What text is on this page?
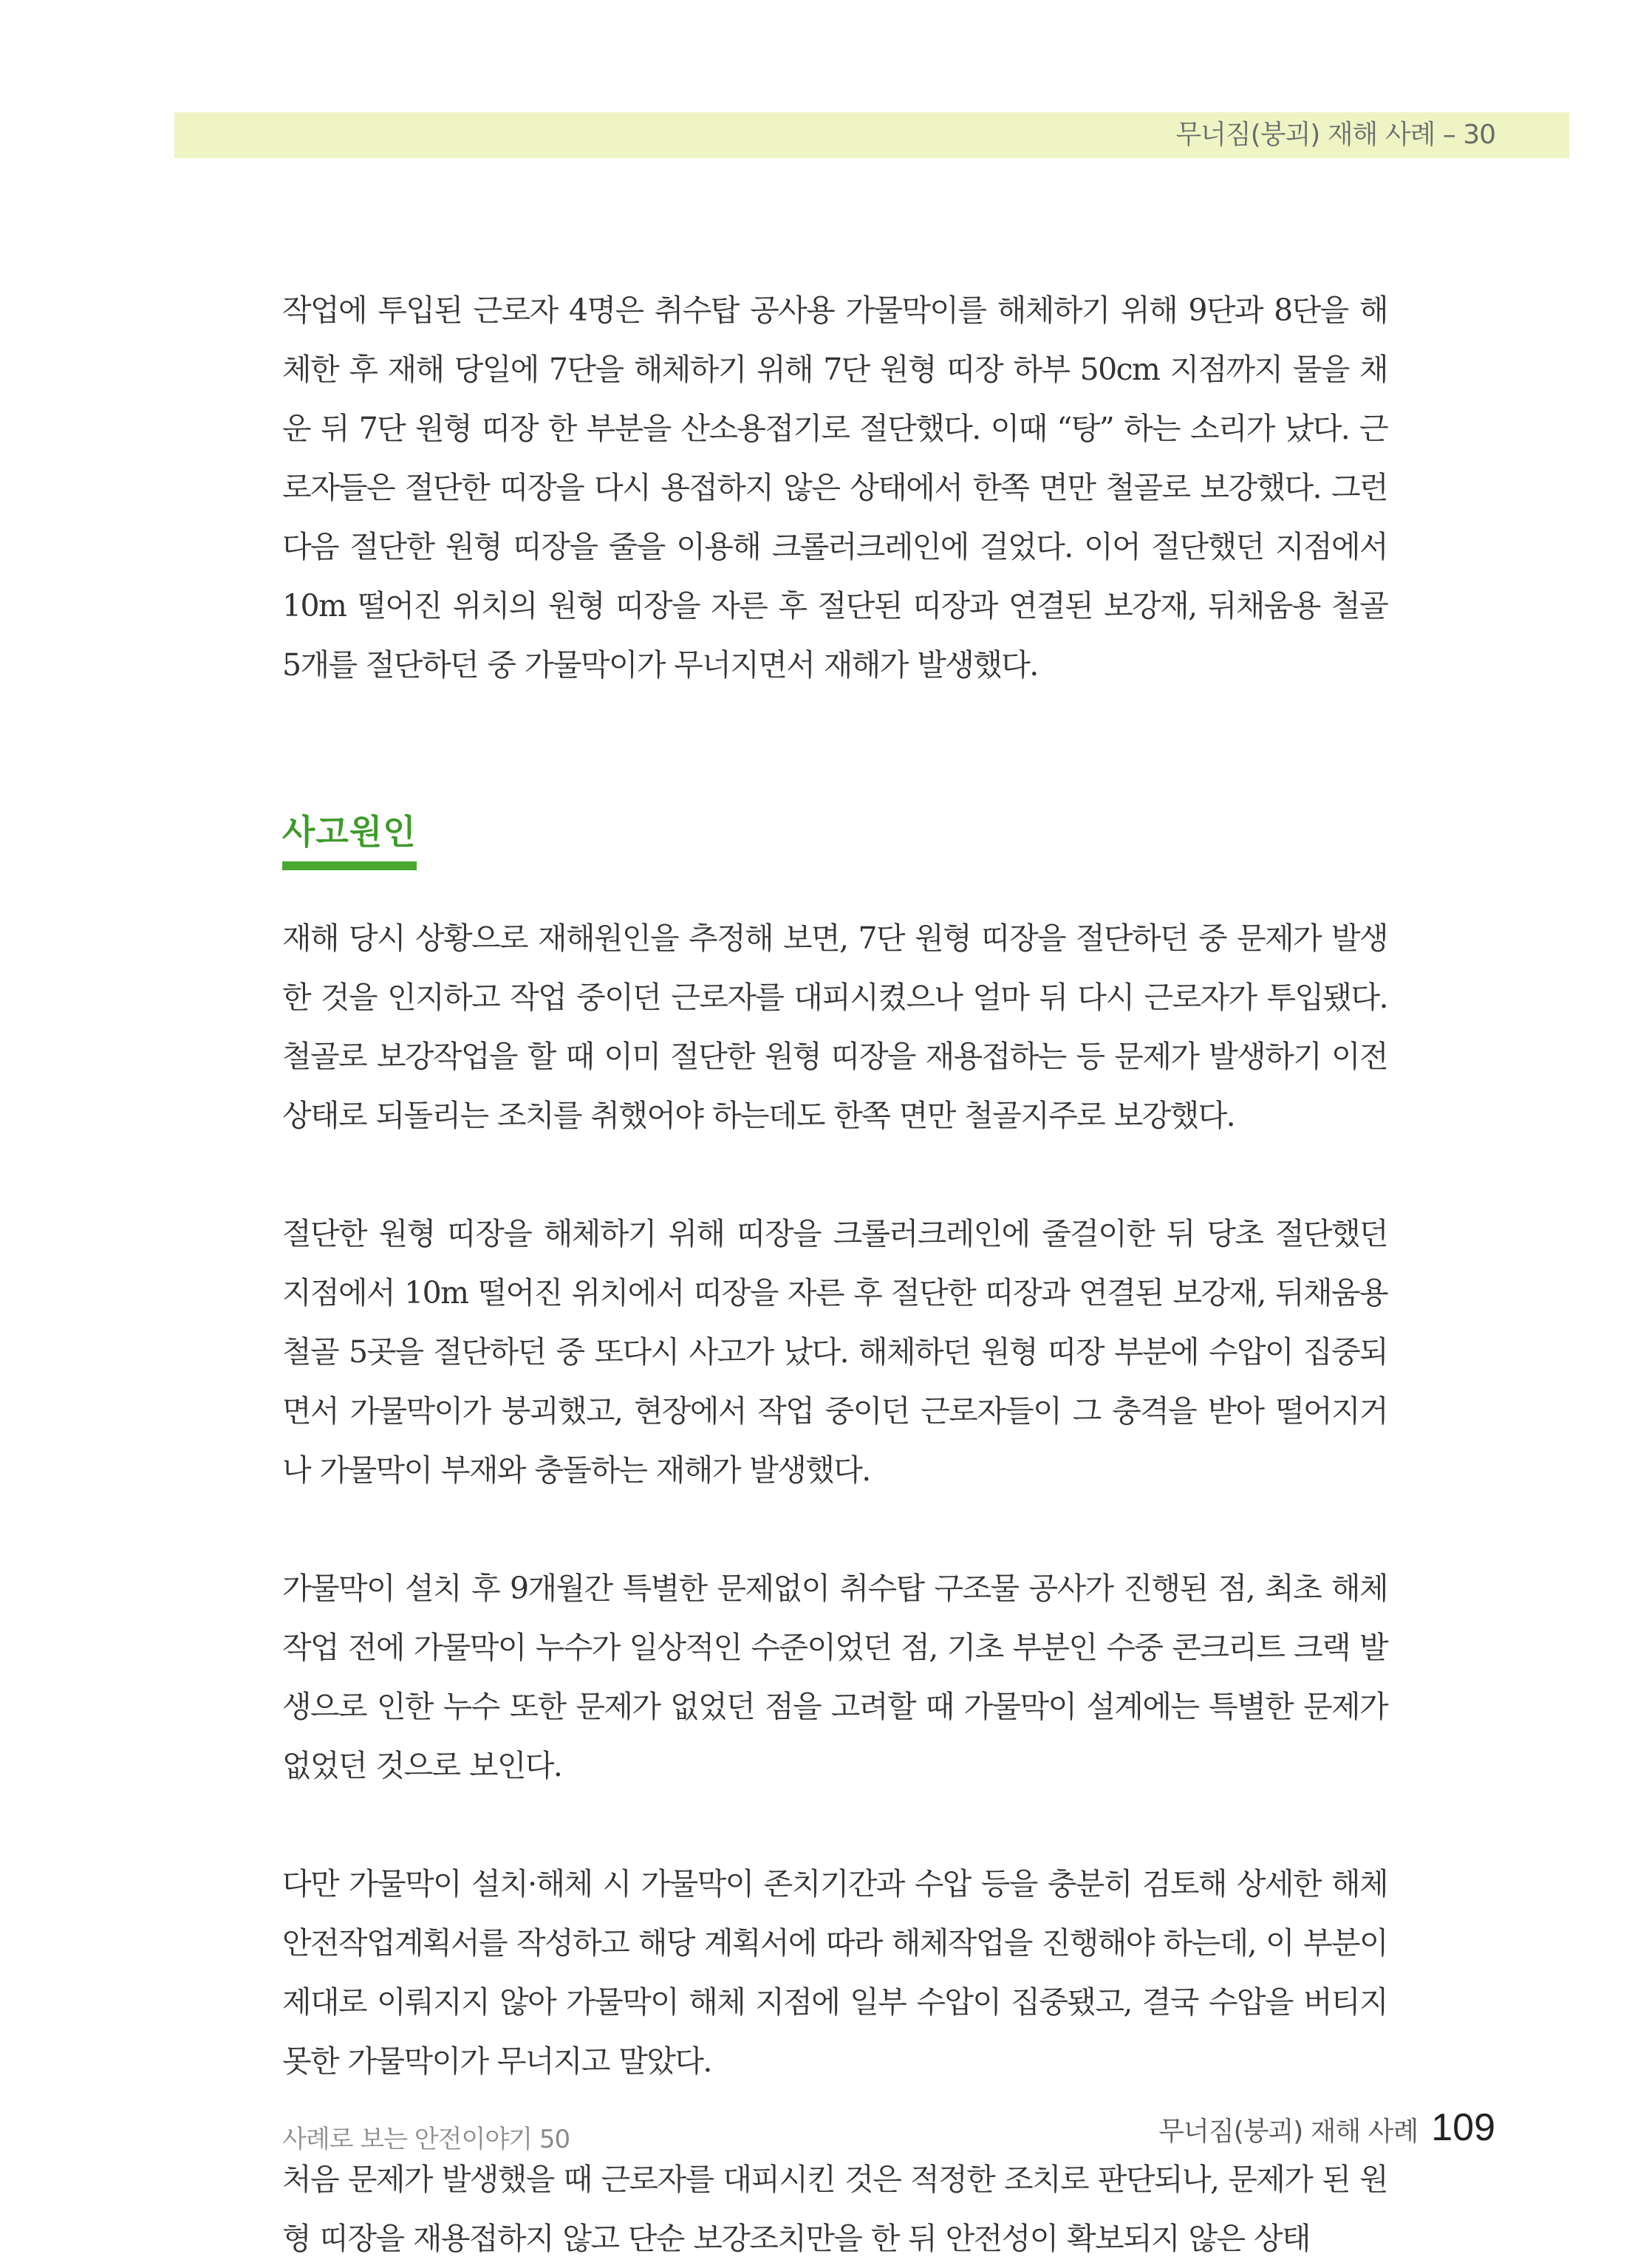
무너짐(붕괴) 재해 사례 – 30

작업에 투입된 근로자 4명은 취수탑 공사용 가물막이를 해체하기 위해 9단과 8단을 해체한 후 재해 당일에 7단을 해체하기 위해 7단 원형 띠장 하부 50cm 지점까지 물을 채운 뒤 7단 원형 띠장 한 부분을 산소용접기로 절단했다. 이때 “탕” 하는 소리가 났다. 근로자들은 절단한 띠장을 다시 용접하지 않은 상태에서 한쪽 면만 철골로 보강했다. 그런 다음 절단한 원형 띠장을 줄을 이용해 크롤러크레인에 걸었다. 이어 절단했던 지점에서 10m 떨어진 위치의 원형 띠장을 자른 후 절단된 띠장과 연결된 보강재, 뒤채움용 철골 5개를 절단하던 중 가물막이가 무너지면서 재해가 발생했다.

사고원인

재해 당시 상황으로 재해원인을 추정해 보면, 7단 원형 띠장을 절단하던 중 문제가 발생한 것을 인지하고 작업 중이던 근로자를 대피시켰으나 얼마 뒤 다시 근로자가 투입됐다. 철골로 보강작업을 할 때 이미 절단한 원형 띠장을 재용접하는 등 문제가 발생하기 이전 상태로 되돌리는 조치를 취했어야 하는데도 한쪽 면만 철골지주로 보강했다.

절단한 원형 띠장을 해체하기 위해 띠장을 크롤러크레인에 줄걸이한 뒤 당초 절단했던 지점에서 10m 떨어진 위치에서 띠장을 자른 후 절단한 띠장과 연결된 보강재, 뒤채움용 철골 5곳을 절단하던 중 또다시 사고가 났다. 해체하던 원형 띠장 부분에 수압이 집중되면서 가물막이가 붕괴했고, 현장에서 작업 중이던 근로자들이 그 충격을 받아 떨어지거나 가물막이 부재와 충돌하는 재해가 발생했다.

가물막이 설치 후 9개월간 특별한 문제없이 취수탑 구조물 공사가 진행된 점, 최초 해체작업 전에 가물막이 누수가 일상적인 수준이었던 점, 기초 부분인 수중 콘크리트 크랙 발생으로 인한 누수 또한 문제가 없었던 점을 고려할 때 가물막이 설계에는 특별한 문제가 없었던 것으로 보인다.

다만 가물막이 설치·해체 시 가물막이 존치기간과 수압 등을 충분히 검토해 상세한 해체안전작업계획서를 작성하고 해당 계획서에 따라 해체작업을 진행해야 하는데, 이 부분이 제대로 이뤄지지 않아 가물막이 해체 지점에 일부 수압이 집중됐고, 결국 수압을 버티지 못한 가물막이가 무너지고 말았다.

처음 문제가 발생했을 때 근로자를 대피시킨 것은 적정한 조치로 판단되나, 문제가 된 원형 띠장을 재용접하지 않고 단순 보강조치만을 한 뒤 안전성이 확보되지 않은 상태

사례로 보는 안전이야기 50	무너짐(붕괴) 재해 사례 109
